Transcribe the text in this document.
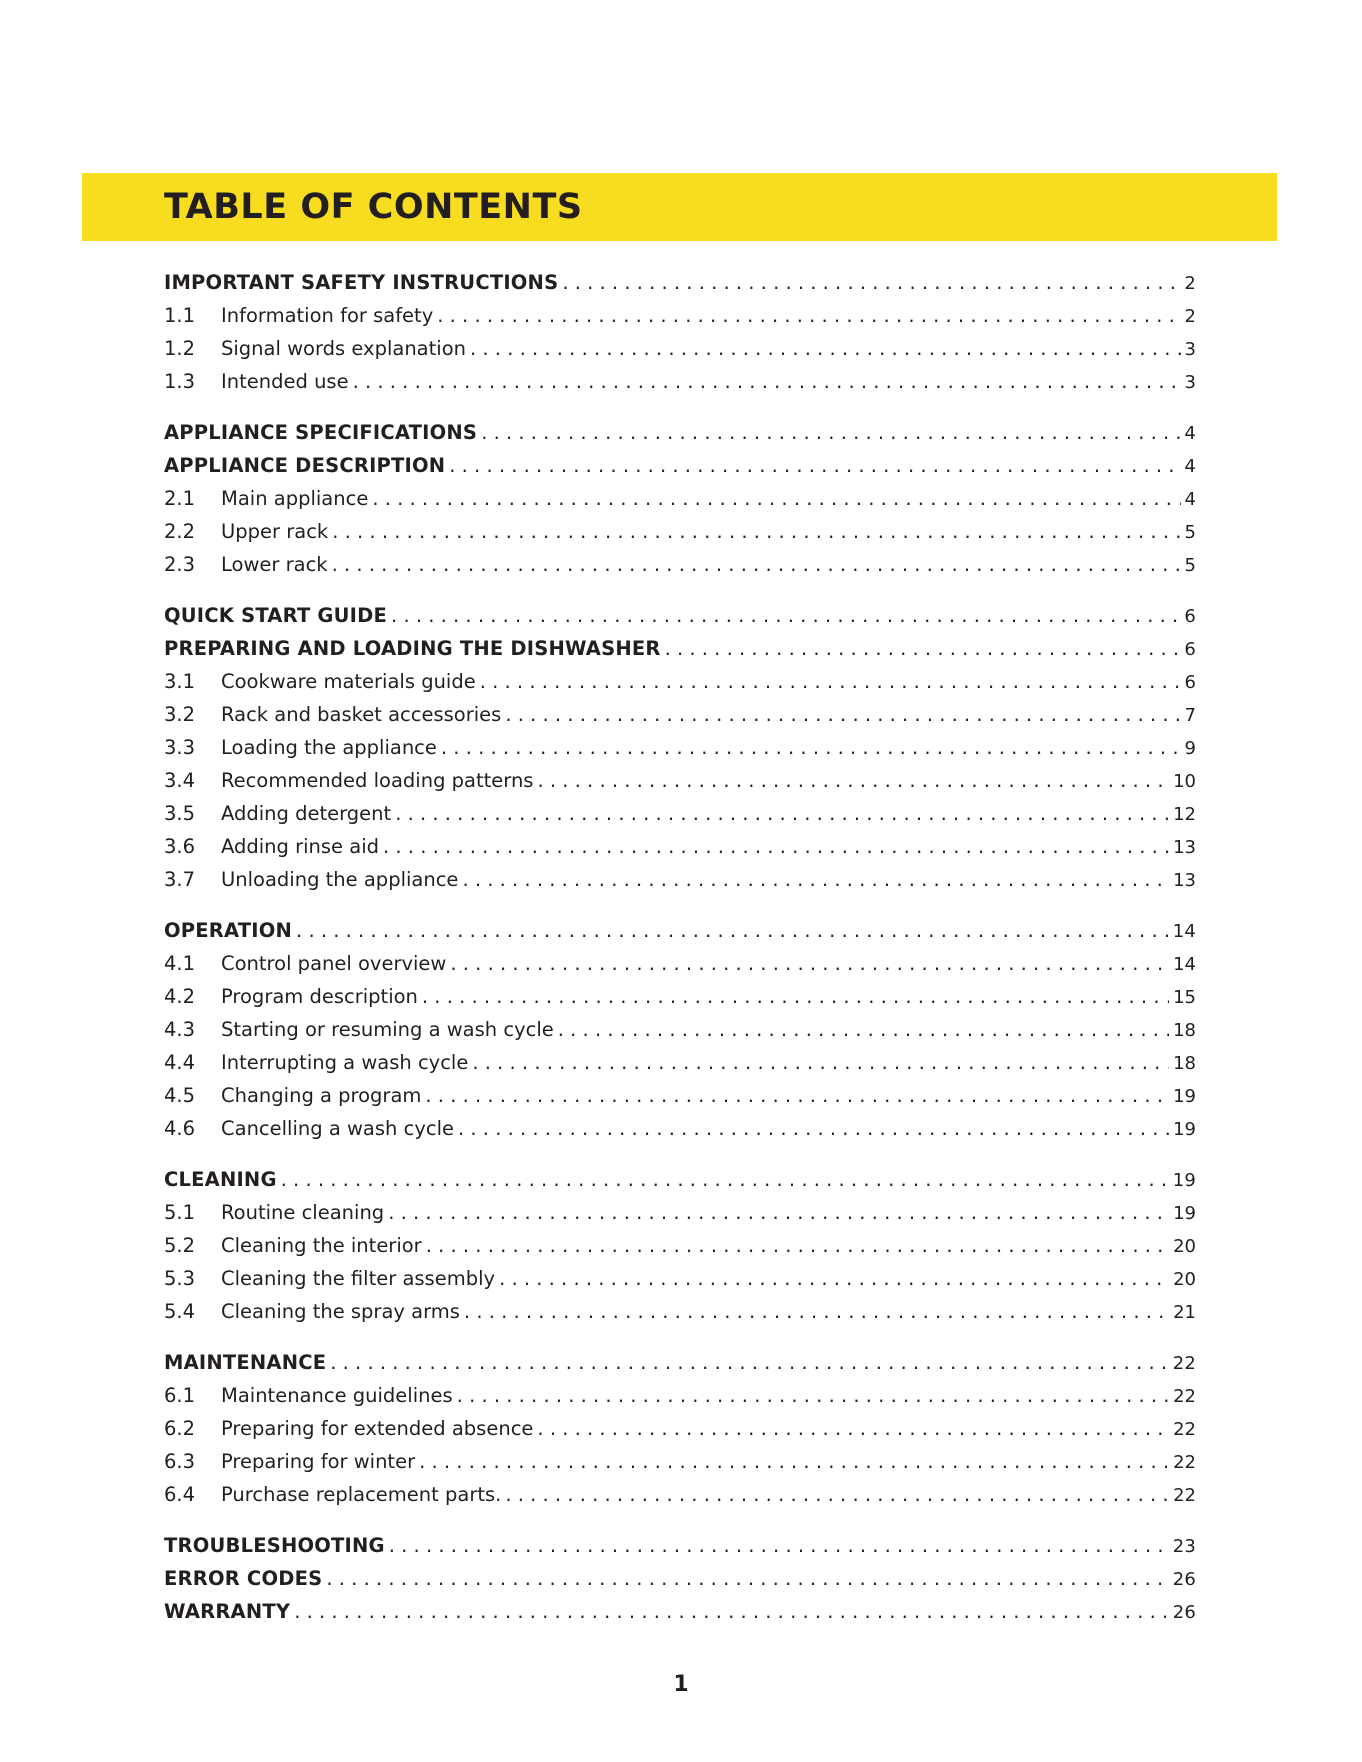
TABLE OF CONTENTS
IMPORTANT SAFETY INSTRUCTIONS . . .	2
1.1	Information for safety . . .	2
1.2	Signal words explanation . . .	3
1.3	Intended use . . .	3
APPLIANCE SPECIFICATIONS . . .	4
APPLIANCE DESCRIPTION . . .	4
2.1	Main appliance . . .	4
2.2	Upper rack . . .	5
2.3	Lower rack . . .	5
QUICK START GUIDE . . .	6
PREPARING AND LOADING THE DISHWASHER . . .	6
3.1	Cookware materials guide . . .	6
3.2	Rack and basket accessories . . .	7
3.3	Loading the appliance . . .	9
3.4	Recommended loading patterns . . .	10
3.5	Adding detergent . . .	12
3.6	Adding rinse aid . . .	13
3.7	Unloading the appliance . . .	13
OPERATION . . .	14
4.1	Control panel overview . . .	14
4.2	Program description . . .	15
4.3	Starting or resuming a wash cycle . . .	18
4.4	Interrupting a wash cycle . . .	18
4.5	Changing a program . . .	19
4.6	Cancelling a wash cycle . . .	19
CLEANING . . .	19
5.1	Routine cleaning . . .	19
5.2	Cleaning the interior . . .	20
5.3	Cleaning the filter assembly . . .	20
5.4	Cleaning the spray arms . . .	21
MAINTENANCE . . .	22
6.1	Maintenance guidelines . . .	22
6.2	Preparing for extended absence . . .	22
6.3	Preparing for winter . . .	22
6.4	Purchase replacement parts. . . .	22
TROUBLESHOOTING . . .	23
ERROR CODES . . .	26
WARRANTY . . .	26
1
